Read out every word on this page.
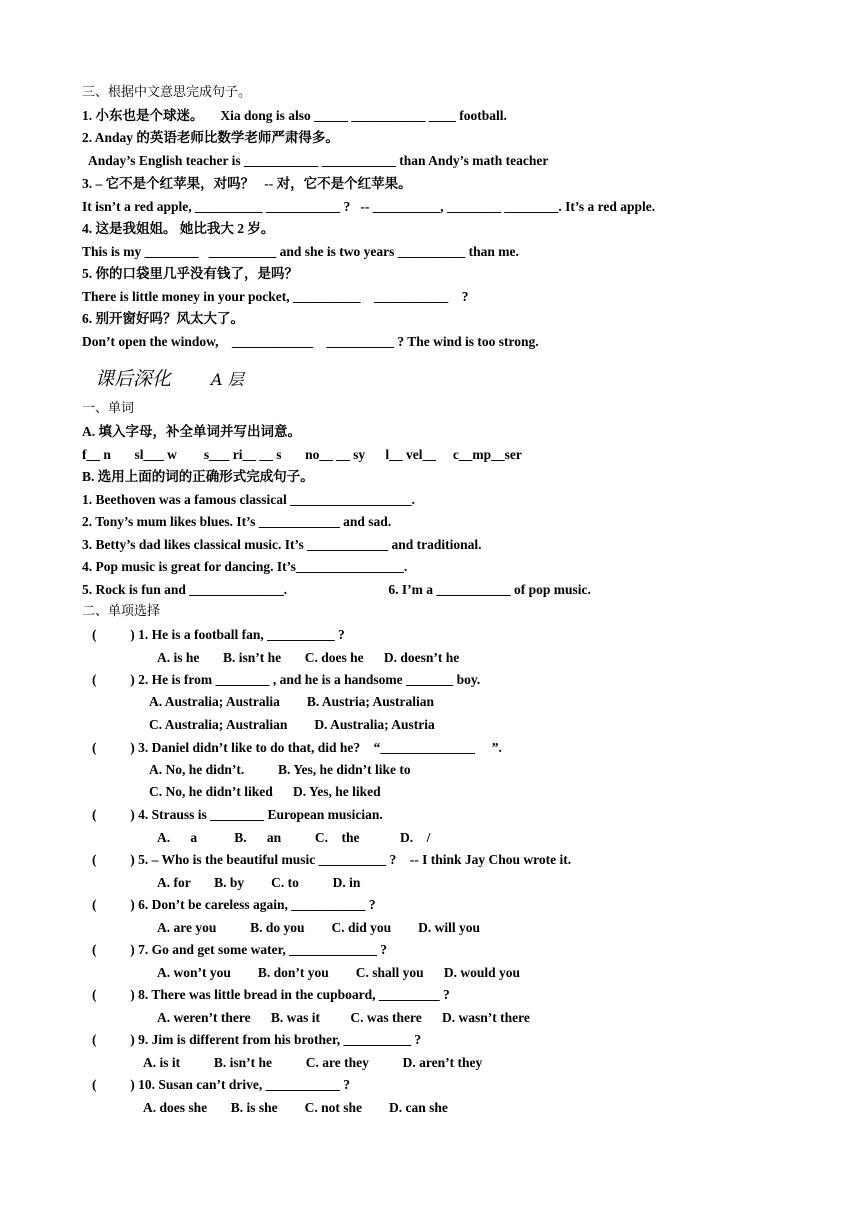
三、根据中文意思完成句子。
1. 小东也是个球迷。     Xia dong is also _____ ___________ ____ football.
2. Anday 的英语老师比数学老师严肃得多。
Anday’s English teacher is ___________ ___________ than Andy’s math teacher
3. – 它不是个红苹果，对吗？   -- 对，它不是个红苹果。
It isn’t a red apple, __________ ___________ ?   -- __________, ________ ________. It’s a red apple.
4. 这是我姐姐。 她比我大 2 岁。
This is my ________   __________ and she is two years __________ than me.
5. 你的口袋里几乎没有钱了，是吗？
There is little money in your pocket, __________    ___________    ?
6. 别开窗好吗？风太大了。
Don’t open the window,    ____________    __________ ? The wind is too strong.
课后深化	A 层
一、单词
A. 填入字母，补全单词并写出词意。
f__ n       sl___ w        s___ ri__ __ s       no__ __ sy      l__ vel__     c__mp__ser
B. 选用上面的词的正确形式完成句子。
1. Beethoven was a famous classical __________________.
2. Tony’s mum likes blues. It’s ____________ and sad.
3. Betty’s dad likes classical music. It’s ____________ and traditional.
4. Pop music is great for dancing. It’s________________.
5. Rock is fun and ______________.                              6. I’m a ___________ of pop music.
二、单项选择
(          ) 1. He is a football fan, __________ ?
A. is he       B. isn’t he       C. does he      D. doesn’t he
(          ) 2. He is from ________ , and he is a handsome _______ boy.
A. Australia; Australia        B. Austria; Australian
C. Australia; Australian        D. Australia; Austria
(          ) 3. Daniel didn’t like to do that, did he?    “______________     ”.
A. No, he didn’t.          B. Yes, he didn’t like to
C. No, he didn’t liked      D. Yes, he liked
(          ) 4. Strauss is ________ European musician.
A.      a           B.      an          C.    the            D.    /
(          ) 5. – Who is the beautiful music __________ ?    -- I think Jay Chou wrote it.
A. for       B. by        C. to          D. in
(          ) 6. Don’t be careless again, ___________ ?
A. are you          B. do you        C. did you        D. will you
(          ) 7. Go and get some water, _____________ ?
A. won’t you        B. don’t you        C. shall you      D. would you
(          ) 8. There was little bread in the cupboard, _________ ?
A. weren’t there      B. was it         C. was there      D. wasn’t there
(          ) 9. Jim is different from his brother, __________ ?
A. is it          B. isn’t he          C. are they          D. aren’t they
(          ) 10. Susan can’t drive, ___________ ?
A. does she       B. is she        C. not she        D. can she
